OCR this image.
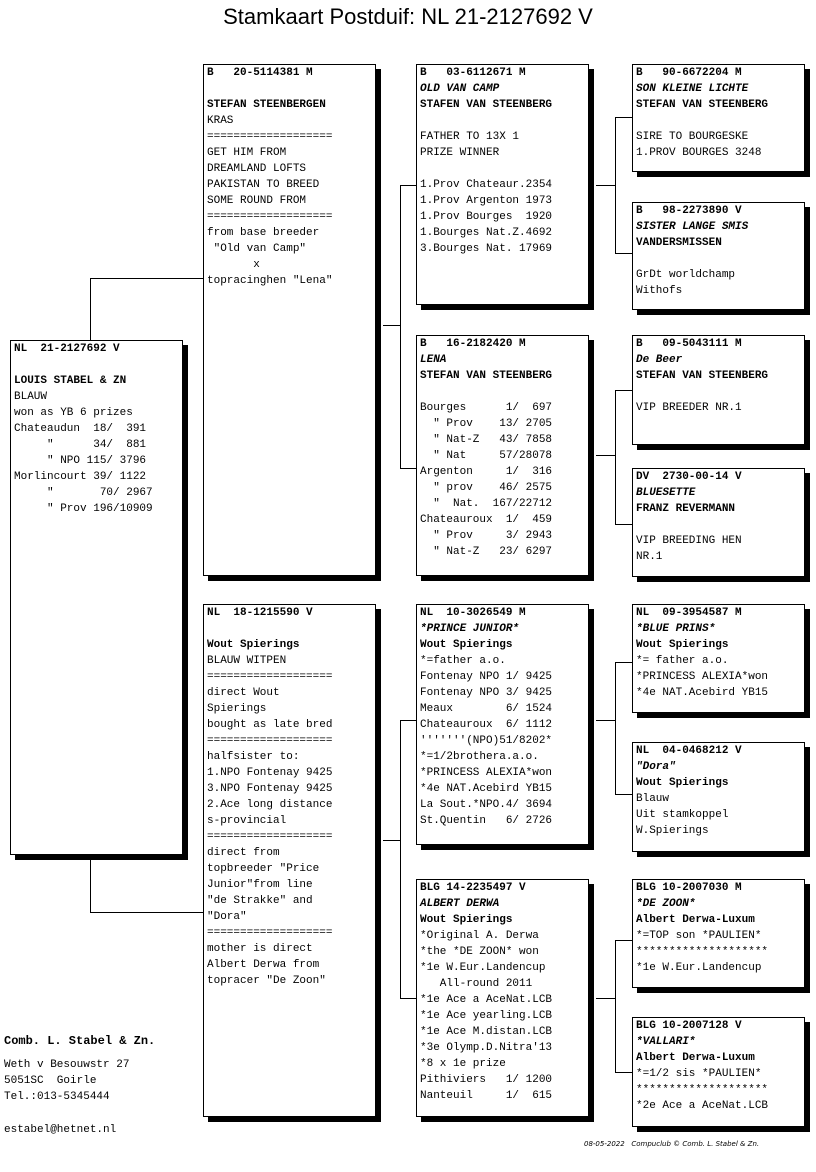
Stamkaart Postduif: NL 21-2127692 V
NL  21-2127692 V
LOUIS STABEL & ZN
BLAUW
won as YB 6 prizes
Chateaudun  18/  391
"      34/  881
" NPO 115/ 3796
Morlincourt 39/ 1122
"       70/ 2967
" Prov 196/10909
B   20-5114381 M
STEFAN STEENBERGEN
KRAS
===================
GET HIM FROM
DREAMLAND LOFTS
PAKISTAN TO BREED
SOME ROUND FROM
===================
from base breeder
"Old van Camp"
x
topracinghen "Lena"
NL  18-1215590 V
Wout Spierings
BLAUW WITPEN
===================
direct Wout
Spierings
bought as late bred
===================
halfsister to:
1.NPO Fontenay 9425
3.NPO Fontenay 9425
2.Ace long distance
s-provincial
===================
direct from
topbreeder "Price
Junior"from line
"de Strakke" and
"Dora"
===================
mother is direct
Albert Derwa from
topracer "De Zoon"
B   03-6112671 M
OLD VAN CAMP
STAFEN VAN STEENBERG
FATHER TO 13X 1
PRIZE WINNER
1.Prov Chateaur.2354
1.Prov Argenton 1973
1.Prov Bourges  1920
1.Bourges Nat.Z.4692
3.Bourges Nat. 17969
B   16-2182420 M
LENA
STEFAN VAN STEENBERG
Bourges      1/  697
" Prov    13/ 2705
" Nat-Z   43/ 7858
" Nat     57/28078
Argenton     1/  316
" prov    46/ 2575
"  Nat.  167/22712
Chateauroux  1/  459
" Prov     3/ 2943
" Nat-Z   23/ 6297
NL  10-3026549 M
*PRINCE JUNIOR*
Wout Spierings
*=father a.o.
Fontenay NPO 1/ 9425
Fontenay NPO 3/ 9425
Meaux        6/ 1524
Chateauroux  6/ 1112
'''''''(NPO)51/8202*
*=1/2brothera.a.o.
*PRINCESS ALEXIA*won
*4e NAT.Acebird YB15
La Sout.*NPO.4/ 3694
St.Quentin   6/ 2726
BLG 14-2235497 V
ALBERT DERWA
Wout Spierings
*Original A. Derwa
*the *DE ZOON* won
*1e W.Eur.Landencup
All-round 2011
*1e Ace a AceNat.LCB
*1e Ace yearling.LCB
*1e Ace M.distan.LCB
*3e Olymp.D.Nitra'13
*8 x 1e prize
Pithiviers   1/ 1200
Nanteuil     1/  615
B   90-6672204 M
SON KLEINE LICHTE
STEFAN VAN STEENBERG
SIRE TO BOURGESKE
1.PROV BOURGES 3248
B   98-2273890 V
SISTER LANGE SMIS
VANDERSMISSEN
GrDt worldchamp
Withofs
B   09-5043111 M
De Beer
STEFAN VAN STEENBERG
VIP BREEDER NR.1
DV  2730-00-14 V
BLUESETTE
FRANZ REVERMANN
VIP BREEDING HEN
NR.1
NL  09-3954587 M
*BLUE PRINS*
Wout Spierings
*= father a.o.
*PRINCESS ALEXIA*won
*4e NAT.Acebird YB15
NL  04-0468212 V
"Dora"
Wout Spierings
Blauw
Uit stamkoppel
W.Spierings
BLG 10-2007030 M
*DE ZOON*
Albert Derwa-Luxum
*=TOP son *PAULIEN*
********************
*1e W.Eur.Landencup
BLG 10-2007128 V
*VALLARI*
Albert Derwa-Luxum
*=1/2 sis *PAULIEN*
********************
*2e Ace a AceNat.LCB
Comb. L. Stabel & Zn.
Weth v Besouwstr 27
5051SC  Goirle
Tel.:013-5345444
estabel@hetnet.nl
08-05-2022 Compuclub © Comb. L. Stabel & Zn.
